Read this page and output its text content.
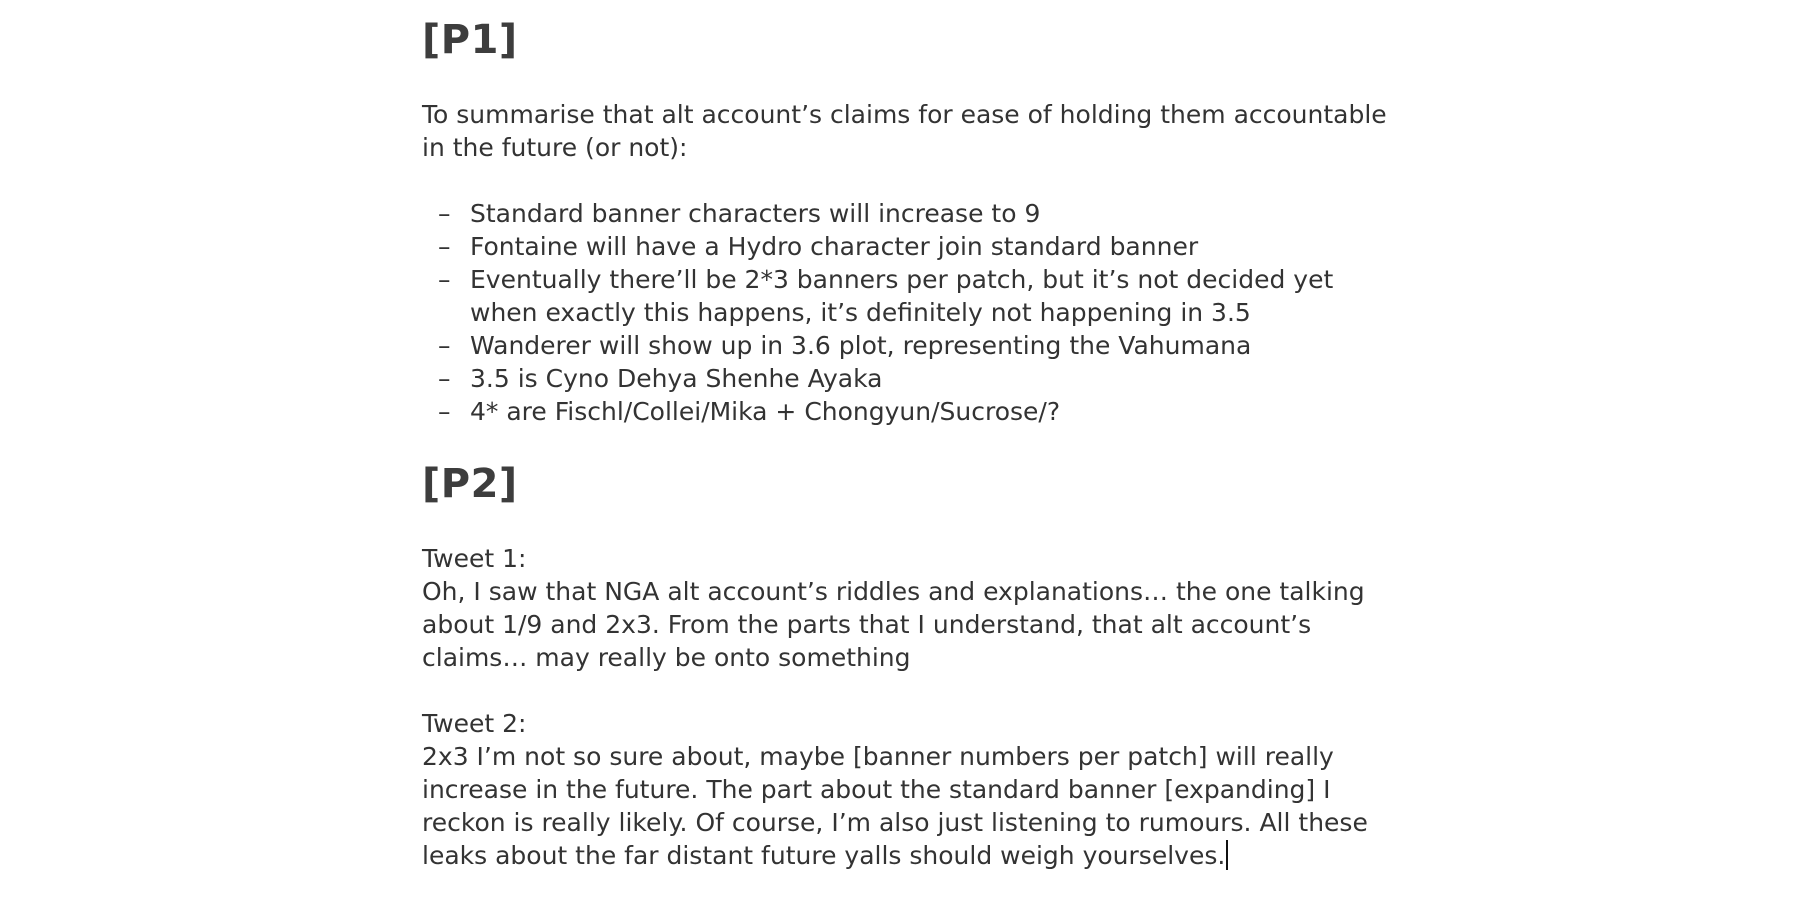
[P1]

To summarise that alt account’s claims for ease of holding them accountable in the future (or not):

– Standard banner characters will increase to 9
– Fontaine will have a Hydro character join standard banner
– Eventually there’ll be 2*3 banners per patch, but it’s not decided yet when exactly this happens, it’s definitely not happening in 3.5
– Wanderer will show up in 3.6 plot, representing the Vahumana
– 3.5 is Cyno Dehya Shenhe Ayaka
– 4* are Fischl/Collei/Mika + Chongyun/Sucrose/?
[P2]

Tweet 1:

Oh, I saw that NGA alt account’s riddles and explanations… the one talking about 1/9 and 2x3. From the parts that I understand, that alt account’s claims… may really be onto something

Tweet 2:

2x3 I’m not so sure about, maybe [banner numbers per patch] will really increase in the future. The part about the standard banner [expanding] I reckon is really likely. Of course, I’m also just listening to rumours. All these leaks about the far distant future yalls should weigh yourselves.
